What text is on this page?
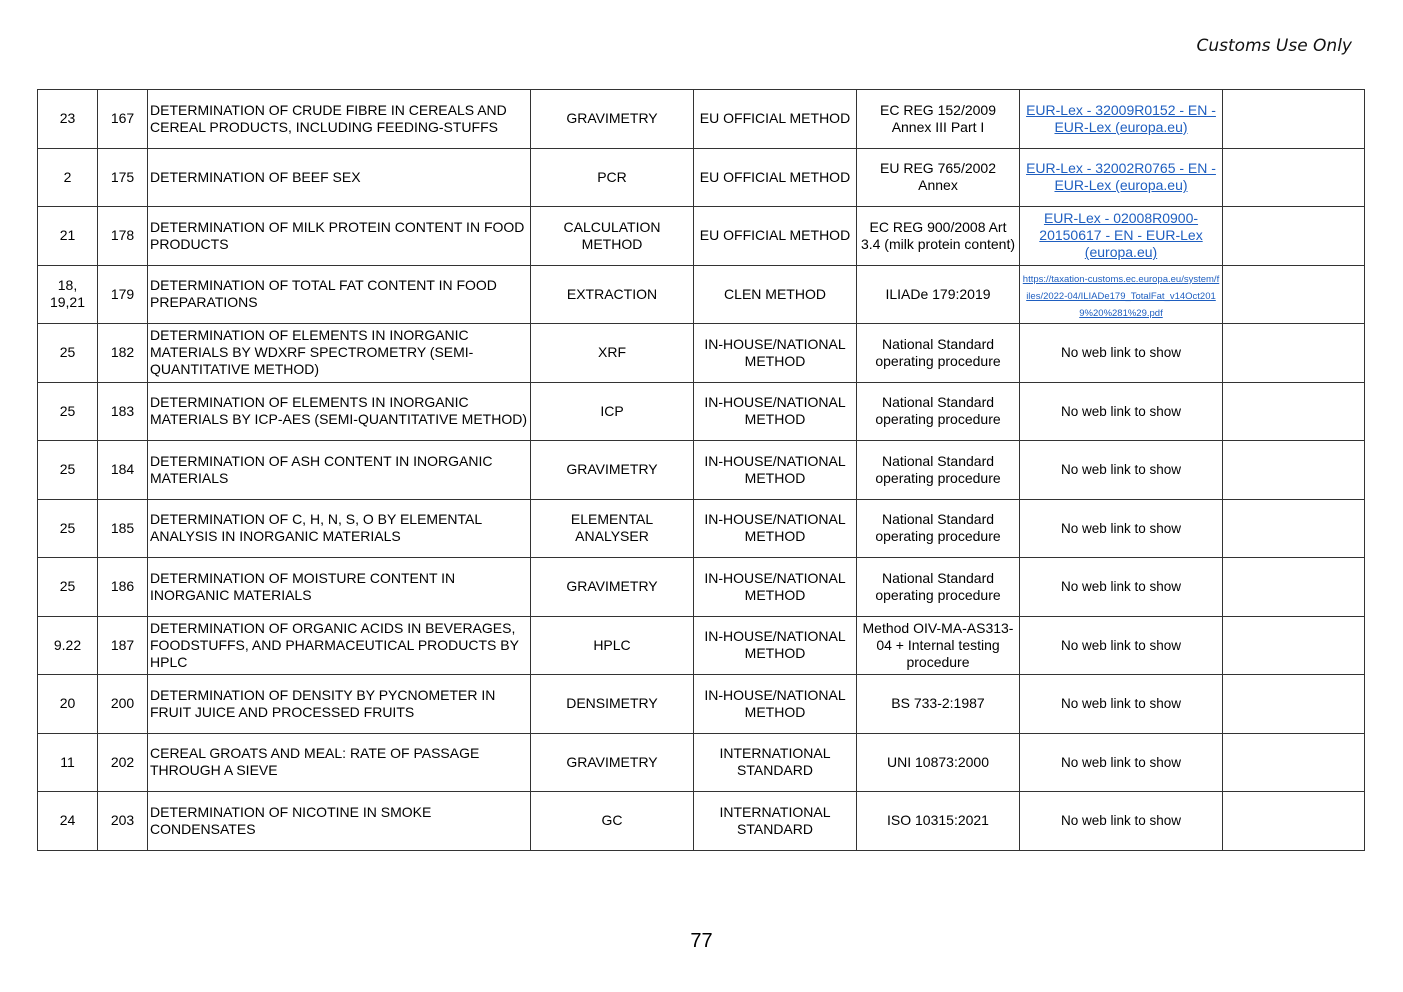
Customs Use Only
23	167	DETERMINATION OF CRUDE FIBRE IN CEREALS AND CEREAL PRODUCTS, INCLUDING FEEDING-STUFFS	GRAVIMETRY	EU OFFICIAL METHOD	EC REG 152/2009 Annex III Part I	EUR-Lex - 32009R0152 - EN - EUR-Lex (europa.eu)	
2	175	DETERMINATION OF BEEF SEX	PCR	EU OFFICIAL METHOD	EU REG 765/2002 Annex	EUR-Lex - 32002R0765 - EN - EUR-Lex (europa.eu)	
21	178	DETERMINATION OF MILK PROTEIN CONTENT IN FOOD PRODUCTS	CALCULATION METHOD	EU OFFICIAL METHOD	EC REG 900/2008 Art 3.4 (milk protein content)	EUR-Lex - 02008R0900-20150617 - EN - EUR-Lex (europa.eu)	
18, 19,21	179	DETERMINATION OF TOTAL FAT CONTENT IN FOOD PREPARATIONS	EXTRACTION	CLEN METHOD	ILIADe 179:2019	https://taxation-customs.ec.europa.eu/system/files/2022-04/ILIADe179_TotalFat_v14Oct2019%20%281%29.pdf	
25	182	DETERMINATION OF ELEMENTS IN INORGANIC MATERIALS BY WDXRF SPECTROMETRY (SEMI-QUANTITATIVE METHOD)	XRF	IN-HOUSE/NATIONAL METHOD	National Standard operating procedure	No web link to show	
25	183	DETERMINATION OF ELEMENTS IN INORGANIC MATERIALS BY ICP-AES (SEMI-QUANTITATIVE METHOD)	ICP	IN-HOUSE/NATIONAL METHOD	National Standard operating procedure	No web link to show	
25	184	DETERMINATION OF ASH CONTENT IN INORGANIC MATERIALS	GRAVIMETRY	IN-HOUSE/NATIONAL METHOD	National Standard operating procedure	No web link to show	
25	185	DETERMINATION OF C, H, N, S, O BY ELEMENTAL ANALYSIS IN INORGANIC MATERIALS	ELEMENTAL ANALYSER	IN-HOUSE/NATIONAL METHOD	National Standard operating procedure	No web link to show	
25	186	DETERMINATION OF MOISTURE CONTENT IN INORGANIC MATERIALS	GRAVIMETRY	IN-HOUSE/NATIONAL METHOD	National Standard operating procedure	No web link to show	
9.22	187	DETERMINATION OF ORGANIC ACIDS IN BEVERAGES, FOODSTUFFS, AND PHARMACEUTICAL PRODUCTS BY HPLC	HPLC	IN-HOUSE/NATIONAL METHOD	Method OIV-MA-AS313-04 + Internal testing procedure	No web link to show	
20	200	DETERMINATION OF DENSITY BY PYCNOMETER IN FRUIT JUICE AND PROCESSED FRUITS	DENSIMETRY	IN-HOUSE/NATIONAL METHOD	BS 733-2:1987	No web link to show	
11	202	CEREAL GROATS AND MEAL: RATE OF PASSAGE THROUGH A SIEVE	GRAVIMETRY	INTERNATIONAL STANDARD	UNI 10873:2000	No web link to show	
24	203	DETERMINATION OF NICOTINE IN SMOKE CONDENSATES	GC	INTERNATIONAL STANDARD	ISO 10315:2021	No web link to show	
77
